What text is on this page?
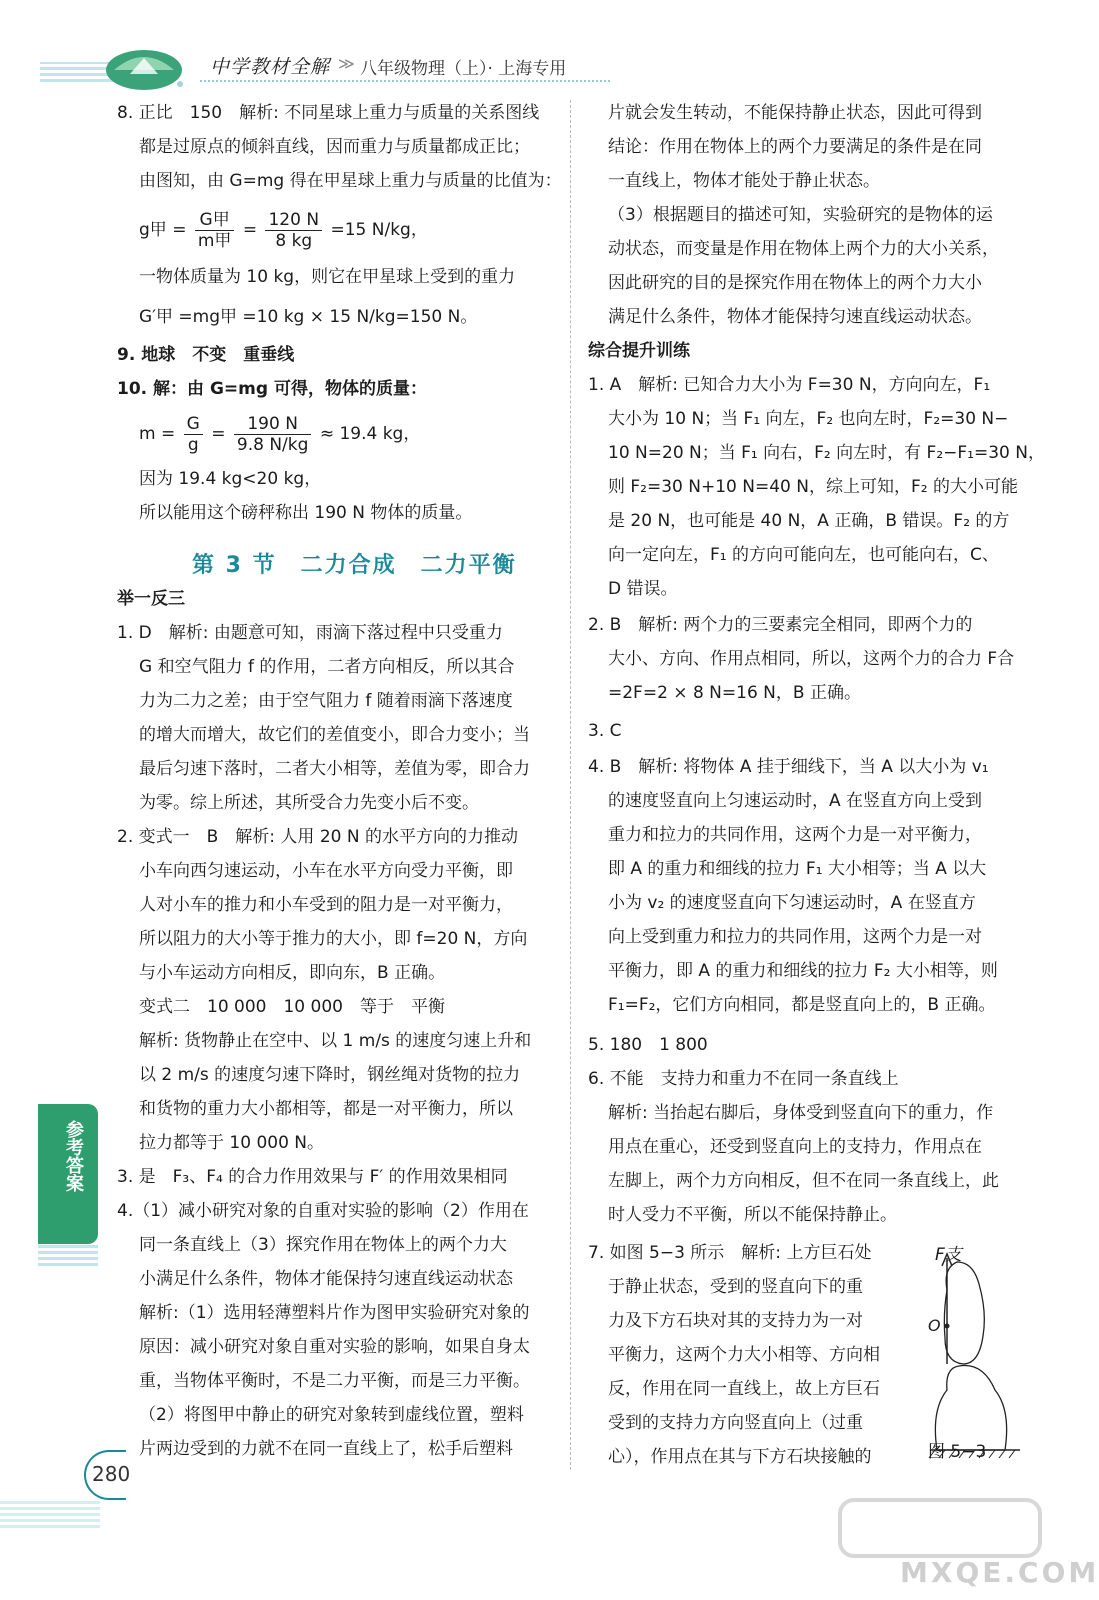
中学教材全解 ≫ 八年级物理（上）· 上海专用
8. 正比　150　解析: 不同星球上重力与质量的关系图线
都是过原点的倾斜直线，因而重力与质量都成正比；
由图知，由 G=mg 得在甲星球上重力与质量的比值为：
g甲 = $\frac{\text{G甲}}{\text{m甲}} = \frac{120 N}{8 kg} =15$ N/kg，
一物体质量为 10 kg，则它在甲星球上受到的重力
G′甲 =mg甲 =10 kg × 15 N/kg=150 N。
9. 地球　不变　重垂线
10. 解：由 G=mg 可得，物体的质量：
$m = \frac{G}{g} = \frac{190 N}{9.8 N/kg} \approx 19.4$ kg，
因为 19.4 kg<20 kg，
所以能用这个磅秤称出 190 N 物体的质量。
第 3 节　二力合成　二力平衡
举一反三
1. D　解析: 由题意可知，雨滴下落过程中只受重力
G 和空气阻力 f 的作用，二者方向相反，所以其合
力为二力之差；由于空气阻力 f 随着雨滴下落速度
的增大而增大，故它们的差值变小，即合力变小；当
最后匀速下落时，二者大小相等，差值为零，即合力
为零。综上所述，其所受合力先变小后不变。
2. 变式一　B　解析: 人用 20 N 的水平方向的力推动
小车向西匀速运动，小车在水平方向受力平衡，即
人对小车的推力和小车受到的阻力是一对平衡力，
所以阻力的大小等于推力的大小，即 f=20 N，方向
与小车运动方向相反，即向东，B 正确。
变式二　10 000　10 000　等于　平衡
解析: 货物静止在空中、以 1 m/s 的速度匀速上升和
以 2 m/s 的速度匀速下降时，钢丝绳对货物的拉力
和货物的重力大小都相等，都是一对平衡力，所以
拉力都等于 10 000 N。
3. 是　F₃、F₄ 的合力作用效果与 F′ 的作用效果相同
4.（1）减小研究对象的自重对实验的影响（2）作用在
同一条直线上（3）探究作用在物体上的两个力大
小满足什么条件，物体才能保持匀速直线运动状态
解析:（1）选用轻薄塑料片作为图甲实验研究对象的
原因：减小研究对象自重对实验的影响，如果自身太
重，当物体平衡时，不是二力平衡，而是三力平衡。
（2）将图甲中静止的研究对象转到虚线位置，塑料
片两边受到的力就不在同一直线上了，松手后塑料
片就会发生转动，不能保持静止状态，因此可得到
结论：作用在物体上的两个力要满足的条件是在同
一直线上，物体才能处于静止状态。
（3）根据题目的描述可知，实验研究的是物体的运
动状态，而变量是作用在物体上两个力的大小关系，
因此研究的目的是探究作用在物体上的两个力大小
满足什么条件，物体才能保持匀速直线运动状态。
综合提升训练
1. A　解析: 已知合力大小为 F=30 N，方向向左，F₁
大小为 10 N；当 F₁ 向左，F₂ 也向左时，F₂=30 N−
10 N=20 N；当 F₁ 向右，F₂ 向左时，有 F₂−F₁=30 N，
则 F₂=30 N+10 N=40 N，综上可知，F₂ 的大小可能
是 20 N，也可能是 40 N，A 正确，B 错误。F₂ 的方
向一定向左，F₁ 的方向可能向左，也可能向右，C、
D 错误。
2. B　解析: 两个力的三要素完全相同，即两个力的
大小、方向、作用点相同，所以，这两个力的合力 F合
=2F=2 × 8 N=16 N，B 正确。
3. C
4. B　解析: 将物体 A 挂于细线下，当 A 以大小为 v₁
的速度竖直向上匀速运动时，A 在竖直方向上受到
重力和拉力的共同作用，这两个力是一对平衡力，
即 A 的重力和细线的拉力 F₁ 大小相等；当 A 以大
小为 v₂ 的速度竖直向下匀速运动时，A 在竖直方
向上受到重力和拉力的共同作用，这两个力是一对
平衡力，即 A 的重力和细线的拉力 F₂ 大小相等，则
F₁=F₂，它们方向相同，都是竖直向上的，B 正确。
5. 180　1 800
6. 不能　支持力和重力不在同一条直线上
解析: 当抬起右脚后，身体受到竖直向下的重力，作
用点在重心，还受到竖直向上的支持力，作用点在
左脚上，两个力方向相反，但不在同一条直线上，此
时人受力不平衡，所以不能保持静止。
7. 如图 5−3 所示　解析: 上方巨石处
于静止状态，受到的竖直向下的重
力及下方石块对其的支持力为一对
平衡力，这两个力大小相等、方向相
反，作用在同一直线上，故上方巨石
受到的支持力方向竖直向上（过重
心），作用点在其与下方石块接触的
F支
O
图 5−3
参考答案
280
MXQE.COM
